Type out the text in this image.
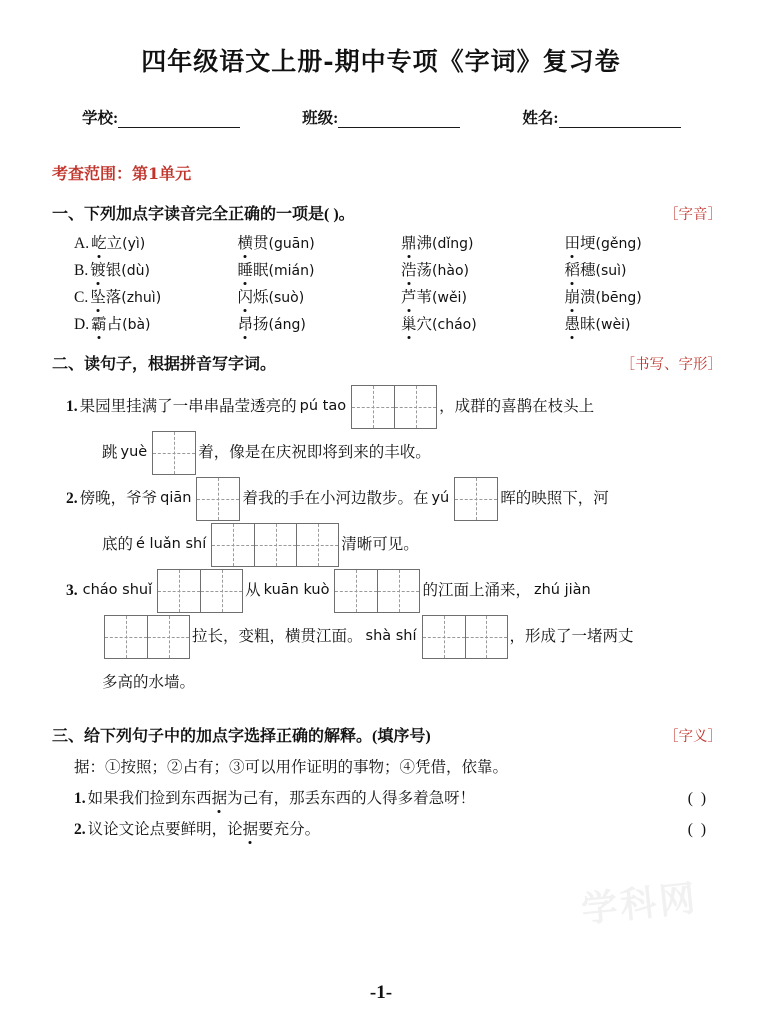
四年级语文上册-期中专项《字词》复习卷
学校:	班级:	姓名:
考查范围：第1单元
一、下列加点字读音完全正确的一项是( )。	［字音］
A. 屹立(yì)	横贯(guān)	鼎沸(dǐng)	田埂(gěng)
B. 镀银(dù)	睡眠(mián)	浩荡(hào)	稻穗(suì)
C. 坠落(zhuì)	闪烁(suò)	芦苇(wěi)	崩溃(bēng)
D. 霸占(bà)	昂扬(áng)	巢穴(cháo)	愚昧(wèi)
二、读句子，根据拼音写字词。	［书写、字形］
1. 果园里挂满了一串串晶莹透亮的 pú tao	，成群的喜鹊在枝头上
跳 yuè	着，像是在庆祝即将到来的丰收。
2. 傍晚，爷爷 qiān	着我的手在小河边散步。在 yú	晖的映照下，河
底的 é luǎn shí	清晰可见。
3. cháo shuǐ	从 kuān kuò	的江面上涌来， zhú jiàn
拉长，变粗，横贯江面。 shà shí	，形成了一堵两丈
多高的水墙。
三、给下列句子中的加点字选择正确的解释。(填序号)	［字义］
据：①按照；②占有；③可以用作证明的事物；④凭借，依靠。
1. 如果我们捡到东西据为己有，那丢东西的人得多着急呀！	( )
2. 议论文论点要鲜明，论据要充分。	( )
学科网
-1-
